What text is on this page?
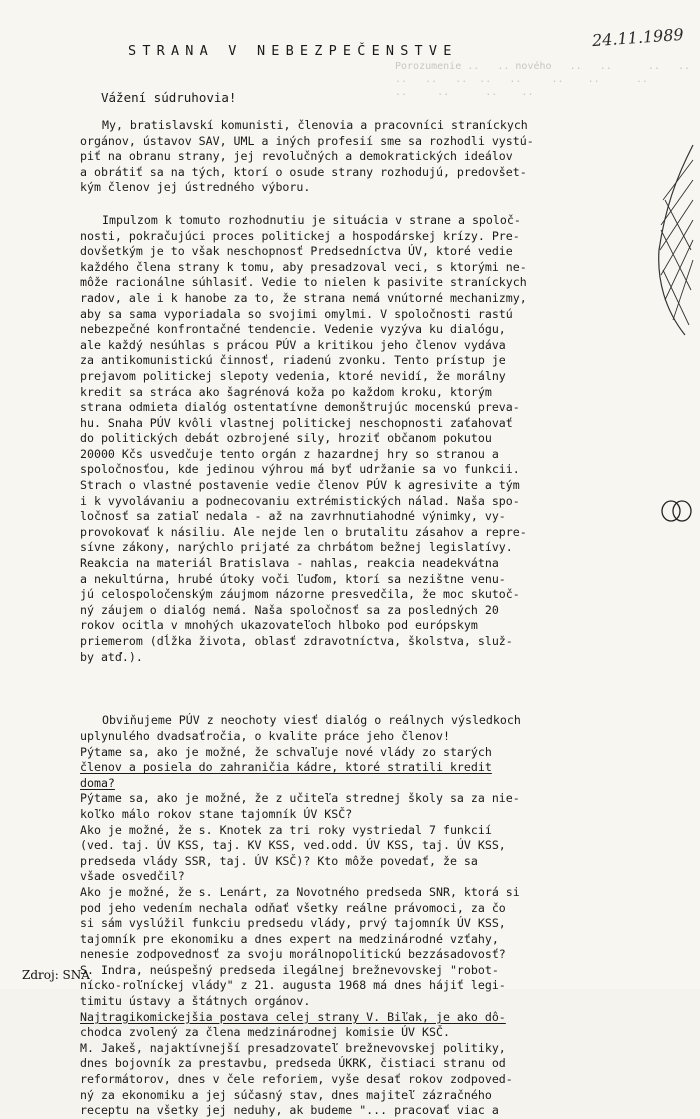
Porozumenie ..   .. nového   ..   ..      ..   ..
..   ..   ..  ..   ..     ..    ..      ..
..     ..      ..    ..
STRANA V NEBEZPEČENSTVE
24.11.1989
Vážení súdruhovia!
My, bratislavskí komunisti, členovia a pracovníci straníckych
orgánov, ústavov SAV, UML a iných profesií sme sa rozhodli vystú-
piť na obranu strany, jej revolučných a demokratických ideálov
a obrátiť sa na tých, ktorí o osude strany rozhodujú, predovšet-
kým členov jej ústredného výboru.
Impulzom k tomuto rozhodnutiu je situácia v strane a spoloč-
nosti, pokračujúci proces politickej a hospodárskej krízy. Pre-
dovšetkým je to však neschopnosť Predsedníctva ÚV, ktoré vedie
každého člena strany k tomu, aby presadzoval veci, s ktorými ne-
môže racionálne súhlasiť. Vedie to nielen k pasivite straníckych
radov, ale i k hanobe za to, že strana nemá vnútorné mechanizmy,
aby sa sama vyporiadala so svojimi omylmi. V spoločnosti rastú
nebezpečné konfrontačné tendencie. Vedenie vyzýva ku dialógu,
ale každý nesúhlas s prácou PÚV a kritikou jeho členov vydáva
za antikomunistickú činnosť, riadenú zvonku. Tento prístup je
prejavom politickej slepoty vedenia, ktoré nevidí, že morálny
kredit sa stráca ako šagrénová koža po každom kroku, ktorým
strana odmieta dialóg ostentatívne demonštrujúc mocenskú preva-
hu. Snaha PÚV kvôli vlastnej politickej neschopnosti zaťahovať
do politických debát ozbrojené sily, hroziť občanom pokutou
20000 Kčs usvedčuje tento orgán z hazardnej hry so stranou a
spoločnosťou, kde jedinou výhrou má byť udržanie sa vo funkcii.
Strach o vlastné postavenie vedie členov PÚV k agresivite a tým
i k vyvolávaniu a podnecovaniu extrémistických nálad. Naša spo-
ločnosť sa zatiaľ nedala - až na zavrhnutiahodné výnimky, vy-
provokovať k násiliu. Ale nejde len o brutalitu zásahov a repre-
sívne zákony, narýchlo prijaté za chrbátom bežnej legislatívy.
Reakcia na materiál Bratislava - nahlas, reakcia neadekvátna
a nekultúrna, hrubé útoky voči ľuďom, ktorí sa nezištne venu-
jú celospoločenským záujmom názorne presvedčila, že moc skutoč-
ný záujem o dialóg nemá. Naša spoločnosť sa za posledných 20
rokov ocitla v mnohých ukazovateľoch hlboko pod európskym
priemerom (dĺžka života, oblasť zdravotníctva, školstva, služ-
by atď.).
Obviňujeme PÚV z neochoty viesť dialóg o reálnych výsledkoch
uplynulého dvadsaťročia, o kvalite práce jeho členov!
Pýtame sa, ako je možné, že schvaľuje nové vlády zo starých
členov a posiela do zahraničia kádre, ktoré stratili kredit
doma?
Pýtame sa, ako je možné, že z učiteľa strednej školy sa za nie-
koľko málo rokov stane tajomník ÚV KSČ?
Ako je možné, že s. Knotek za tri roky vystriedal 7 funkcií
(ved. taj. ÚV KSS, taj. KV KSS, ved.odd. ÚV KSS, taj. ÚV KSS,
predseda vlády SSR, taj. ÚV KSČ)? Kto môže povedať, že sa
všade osvedčil?
Ako je možné, že s. Lenárt, za Novotného predseda SNR, ktorá si
pod jeho vedením nechala odňať všetky reálne právomoci, za čo
si sám vyslúžil funkciu predsedu vlády, prvý tajomník ÚV KSS,
tajomník pre ekonomiku a dnes expert na medzinárodné vzťahy,
nenesie zodpovednosť za svoju morálnopolitickú bezzásadovosť?
S. Indra, neúspešný predseda ilegálnej brežnevovskej "robot-
nícko-roľníckej vlády" z 21. augusta 1968 má dnes hájiť legi-
timitu ústavy a štátnych orgánov.
Najtragikomickejšia postava celej strany V. Biľak, je ako dô-
chodca zvolený za člena medzinárodnej komisie ÚV KSČ.
M. Jakeš, najaktívnejší presadzovateľ brežnevovskej politiky,
dnes bojovník za prestavbu, predseda ÚKRK, čistiaci stranu od
reformátorov, dnes v čele reforiem, vyše desať rokov zodpoved-
ný za ekonomiku a jej súčasný stav, dnes majiteľ zázračného
receptu na všetky jej neduhy, ak budeme "... pracovať viac a
Zdroj: SNA
